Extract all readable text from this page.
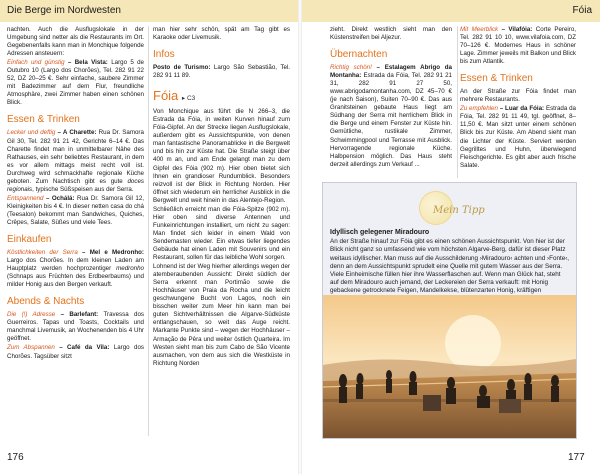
Die Berge im Nordwesten	Fóia

nachten. Auch die Ausflugslokale in der Umgebung sind netter als die Restaurants im Ort. Gegebenenfalls kann man in Monchique folgende Adressen ansteuern:

Einfach und günstig – Bela Vista: Largo 5 de Outubro 10 (Largo dos Chorões), Tel. 282 91 22 52, DZ 20–25 €. Sehr einfache, saubere Zimmer mit Badezimmer auf dem Flur, freundliche Atmosphäre, zwei Zimmer haben einen schönen Blick.

Essen & Trinken

Lecker und deftig – A Charette: Rua Dr. Samora Gil 30, Tel. 282 91 21 42, Gerichte 6–14 €. Das Charette findet man in unmittelbarer Nähe des Rathauses, ein sehr beliebtes Restaurant, in dem es vor allem mittags meist recht voll ist. Durchweg wird schmackhafte regionale Küche geboten. Zum Nachtisch gibt es gute doces regionais, typische Süßspeisen aus der Serra.

Entspannend – Ochálá: Rua Dr. Samora Gil 12, Kleinigkeiten bis 4 €. In dieser netten casa do chá (Teesalon) bekommt man Sandwiches, Quiches, Crêpes, Salate, Süßes und viele Tees.

Einkaufen

Köstlichkeiten der Serra – Mel e Medronho: Largo dos Chorões. In dem kleinen Laden am Hauptplatz werden hochprozentiger medronho (Schnaps aus Früchten des Erdbeerbaums) und milder Honig aus den Bergen verkauft.

Abends & Nachts

Die (!) Adresse – Barlefant: Travessa dos Guerreiros. Tapas und Toasts, Cocktails und manchmal Livemusik, an Wochenenden bis 4 Uhr geöffnet.

Zum Abspannen – Café da Vila: Largo dos Chorões. Tagsüber sitzt

man hier sehr schön, spät am Tag gibt es Karaoke oder Livemusik.

Infos

Posto de Turismo: Largo São Sebastião, Tel. 282 91 11 89.

Fóia ▸ C3

Von Monchique aus führt die N 266–3, die Estrada da Fóia, in weiten Kurven hinauf zum Fóia-Gipfel. An der Strecke liegen Ausflugslokale, außerdem gibt es Aussichtspunkte, von denen man fantastische Panoramablicke in die Bergwelt und bis hin zur Küste hat. Die Straße steigt über 400 m an, und am Ende gelangt man zu dem Gipfel des Fóia (902 m). Hier oben bietet sich Ihnen ein grandioser Rundumblick. Besonders reizvoll ist der Blick in Richtung Norden. Hier öffnet sich wiederum ein herrlicher Ausblick in die Bergwelt und weit hinein in das Alentejo-Region.

Schließlich erreicht man die Fóia-Spitze (902 m). Hier oben sind diverse Antennen und Funkeinrichtungen installiert, um nicht zu sagen: Man findet sich leider in einem Wald von Sendemasten wieder. Ein etwas tiefer liegendes Gebäude hat einen Laden mit Souvenirs und ein Restaurant, sollen für das leibliche Wohl sorgen.

Lohnend ist der Weg hierher allerdings wegen der atemberaubenden Aussicht: Direkt südlich der Serra erkennt man Portimão sowie die Hochhäuser von Praia da Rocha und die leicht geschwungene Bucht von Lagos, noch ein bisschen weiter zum Meer hin kann man bei guten Sichtverhältnissen die Algarve-Südküste entlangschauen, so weit das Auge reicht. Markante Punkte sind – wegen der Hochhäuser – Armação de Pêra und weiter östlich Quarteira. Im Westen sieht man bis zum Cabo de São Vicente ausmachen, von dem aus sich die Westküste in Richtung Norden

176

zieht. Direkt westlich sieht man den Küstenstreifen bei Aljezur.

Übernachten

Richtig schön! – Estalagem Abrigo da Montanha: Estrada da Fóia, Tel. 282 91 21 31, 282 91 27 50, www.abrigodamontanha.com, DZ 45–70 € (je nach Saison), Suiten 70–90 €. Das aus Granitsteinen gebaute Haus liegt am Südhang der Serra mit herrlichem Blick in die Berge und einem Fenster zur Küste hin. Gemütliche, rustikale Zimmer, Schwimmingpool und Terrasse mit Ausblick. Hervorragende regionale Küche. Halbpension möglich. Das Haus steht derzeit allerdings zum Verkauf ...

Mit Meerblick – Vilafóia: Corte Pereiro, Tel. 282 91 10 10, www.vilafoia.com, DZ 70–126 €. Modernes Haus in schöner Lage. Zimmer jeweils mit Balkon und Blick bis zum Atlantik.

Essen & Trinken

An der Straße zur Fóia findet man mehrere Restaurants.

Zu empfehlen – Luar da Fóia: Estrada da Fóia, Tel. 282 91 11 49, tgl. geöffnet, 8–11,50 €. Man sitzt unter einem schönen Blick bis zur Küste. Am Abend sieht man die Lichter der Küste. Serviert werden Gegrilltes und Huhn, überwiegend Fleischgerichte. Es gibt aber auch frische Salate.

Mein Tipp
Idyllisch gelegener Miradouro
An der Straße hinauf zur Fóia gibt es einen schönen Aussichtspunkt. Von hier ist der Blick nicht ganz so umfassend wie vom höchsten Algarve-Berg, dafür ist dieser Platz weitaus idyllischer. Man muss auf die Ausschilderung ›Miradouro‹ achten und ›Fonte‹, denn an dem Aussichtspunkt sprudelt eine Quelle mit gutem Wasser aus der Serra. Viele Einheimische füllen hier ihre Wasserflaschen auf. Wenn man Glück hat, steht auf dem Miradouro auch jemand, der Leckereien der Serra verkauft: mit Honig gebackene getrocknete Feigen, Mandelkekse, blütenzarten Honig, kräftigen
177
